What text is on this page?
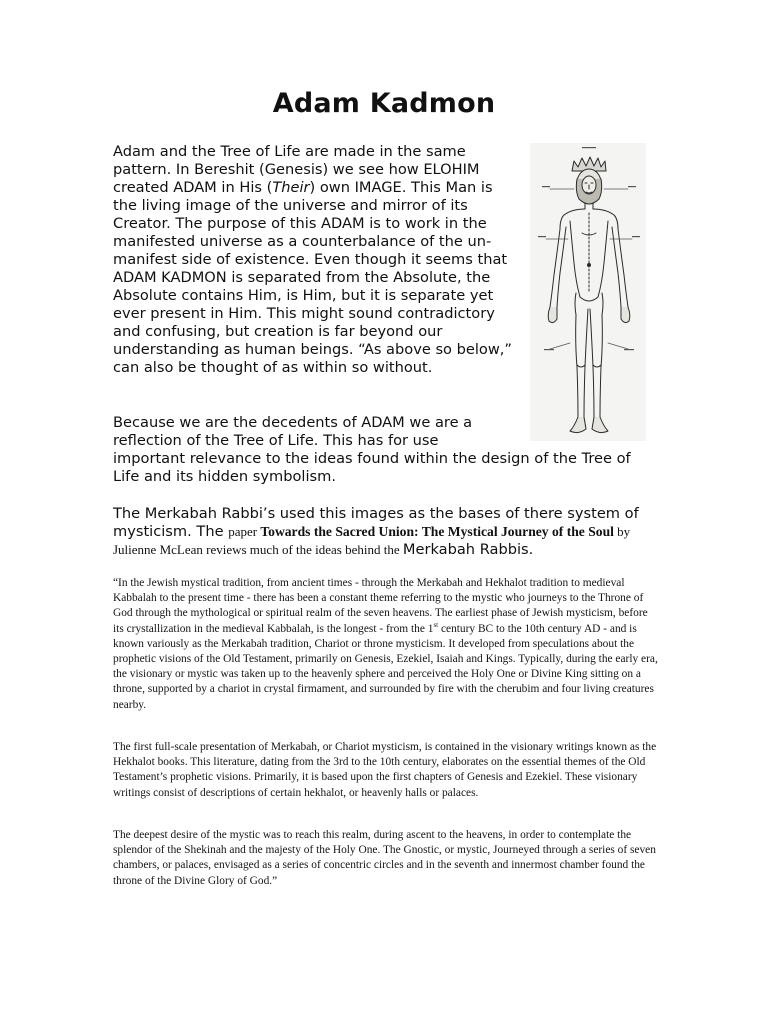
Adam Kadmon
Adam and the Tree of Life are made in the same pattern. In Bereshit (Genesis) we see how ELOHIM created ADAM in His (Their) own IMAGE. This Man is the living image of the universe and mirror of its Creator. The purpose of this ADAM is to work in the manifested universe as a counterbalance of the un-manifest side of existence. Even though it seems that ADAM KADMON is separated from the Absolute, the Absolute contains Him, is Him, but it is separate yet ever present in Him. This might sound contradictory and confusing, but creation is far beyond our understanding as human beings. “As above so below,” can also be thought of as within so without.
Because we are the decedents of ADAM we are a reflection of the Tree of Life. This has for use
important relevance to the ideas found within the design of the Tree of Life and its hidden symbolism.
The Merkabah Rabbi’s used this images as the bases of there system of mysticism. The paper Towards the Sacred Union: The Mystical Journey of the Soul by Julienne McLean reviews much of the ideas behind the Merkabah Rabbis.
“In the Jewish mystical tradition, from ancient times - through the Merkabah and Hekhalot tradition to medieval Kabbalah to the present time - there has been a constant theme referring to the mystic who journeys to the Throne of God through the mythological or spiritual realm of the seven heavens. The earliest phase of Jewish mysticism, before its crystallization in the medieval Kabbalah, is the longest - from the 1st century BC to the 10th century AD - and is known variously as the Merkabah tradition, Chariot or throne mysticism. It developed from speculations about the prophetic visions of the Old Testament, primarily on Genesis, Ezekiel, Isaiah and Kings. Typically, during the early era, the visionary or mystic was taken up to the heavenly sphere and perceived the Holy One or Divine King sitting on a throne, supported by a chariot in crystal firmament, and surrounded by fire with the cherubim and four living creatures nearby.
The first full-scale presentation of Merkabah, or Chariot mysticism, is contained in the visionary writings known as the Hekhalot books. This literature, dating from the 3rd to the 10th century, elaborates on the essential themes of the Old Testament’s prophetic visions. Primarily, it is based upon the first chapters of Genesis and Ezekiel. These visionary writings consist of descriptions of certain hekhalot, or heavenly halls or palaces.
The deepest desire of the mystic was to reach this realm, during ascent to the heavens, in order to contemplate the splendor of the Shekinah and the majesty of the Holy One. The Gnostic, or mystic, Journeyed through a series of seven chambers, or palaces, envisaged as a series of concentric circles and in the seventh and innermost chamber found the throne of the Divine Glory of God.”
